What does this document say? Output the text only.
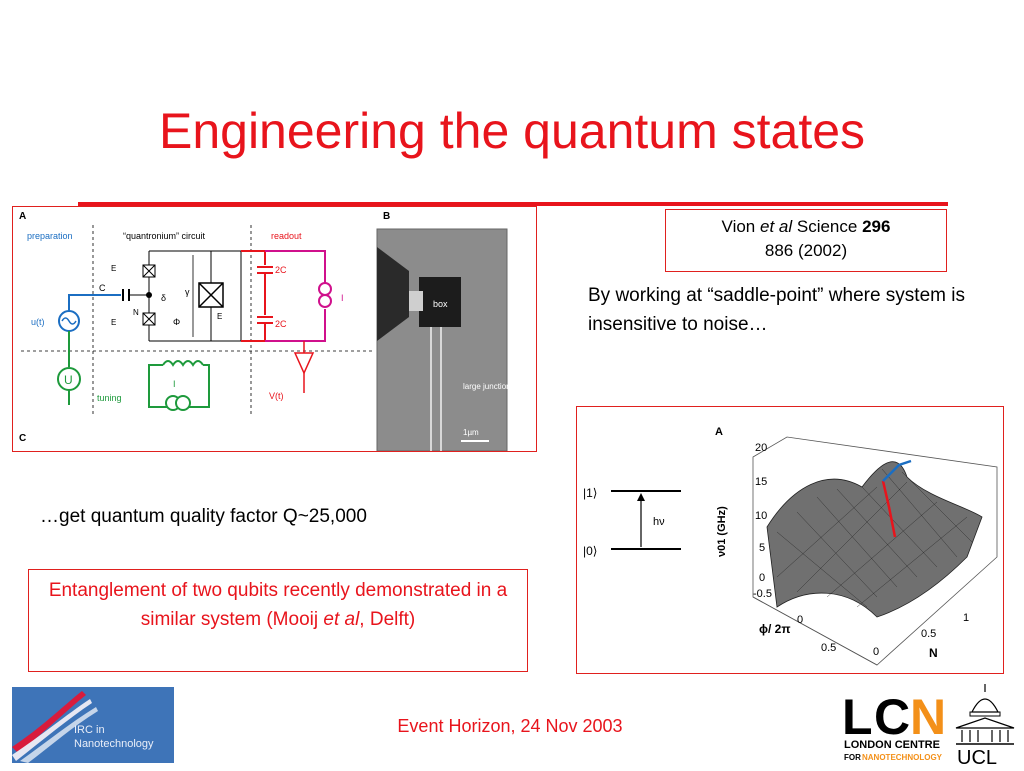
Engineering the quantum states
A
C
B
preparation	“quantronium” circuit	readout
u(t)
U
tuning
C
N
E
E
δ
γ
Φ
E
I
2C
2C
I
V(t)
box
large junction
1µm
Vion et al Science 296
886 (2002)
By working at “saddle-point” where system is insensitive to noise…
…get quantum quality factor Q~25,000
Entanglement of two qubits recently demonstrated in a similar system (Mooij et al, Delft)
A
|1⟩
|0⟩
hν	ν01 (GHz)
20
15
10
5
0
-0.5
0
0.5
ϕ/ 2π
0
0.5
1
N
Event Horizon, 24 Nov 2003
IRC in
Nanotechnology	L C N
LONDON CENTRE
FOR NANOTECHNOLOGY UCL
